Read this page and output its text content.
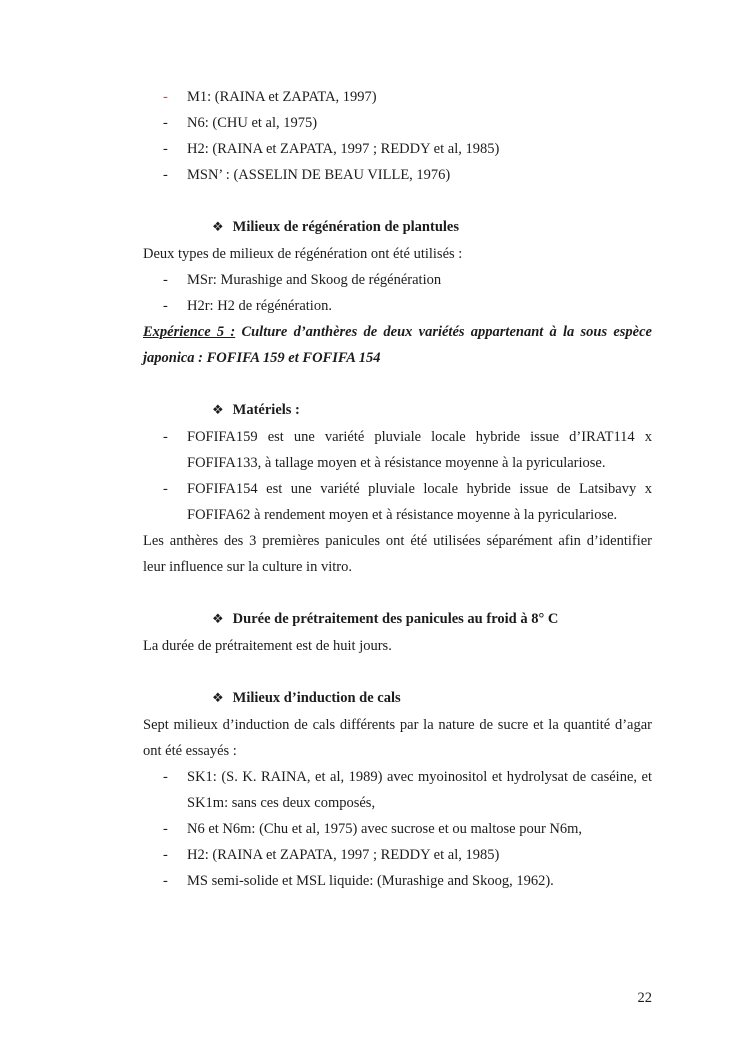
- M1: (RAINA et ZAPATA, 1997)
- N6: (CHU et al, 1975)
- H2: (RAINA et ZAPATA, 1997 ; REDDY et al, 1985)
- MSN’ : (ASSELIN DE BEAU VILLE, 1976)
❖ Milieux de régénération de plantules

Deux types de milieux de régénération ont été utilisés :

- MSr: Murashige and Skoog de régénération
- H2r: H2 de régénération.

Expérience 5 : Culture d’anthères de deux variétés appartenant à la sous espèce japonica : FOFIFA 159 et FOFIFA 154

❖ Matériels :
- FOFIFA159 est une variété pluviale locale hybride issue d’IRAT114 x FOFIFA133, à tallage moyen et à résistance moyenne à la pyriculariose.
- FOFIFA154 est une variété pluviale locale hybride issue de Latsibavy x FOFIFA62 à rendement moyen et à résistance moyenne à la pyriculariose.

Les anthères des 3 premières panicules ont été utilisées séparément afin d’identifier leur influence sur la culture in vitro.

❖ Durée de prétraitement des panicules au froid à 8° C

La durée de prétraitement est de huit jours.

❖ Milieux d’induction de cals

Sept milieux d’induction de cals différents par la nature de sucre et la quantité d’agar ont été essayés :

- SK1: (S. K. RAINA, et al, 1989) avec myoinositol et hydrolysat de caséine, et SK1m: sans ces deux composés,
- N6 et N6m: (Chu et al, 1975) avec sucrose et ou maltose pour N6m,
- H2: (RAINA et ZAPATA, 1997 ; REDDY et al, 1985)
- MS semi-solide et MSL liquide: (Murashige and Skoog, 1962).
22
